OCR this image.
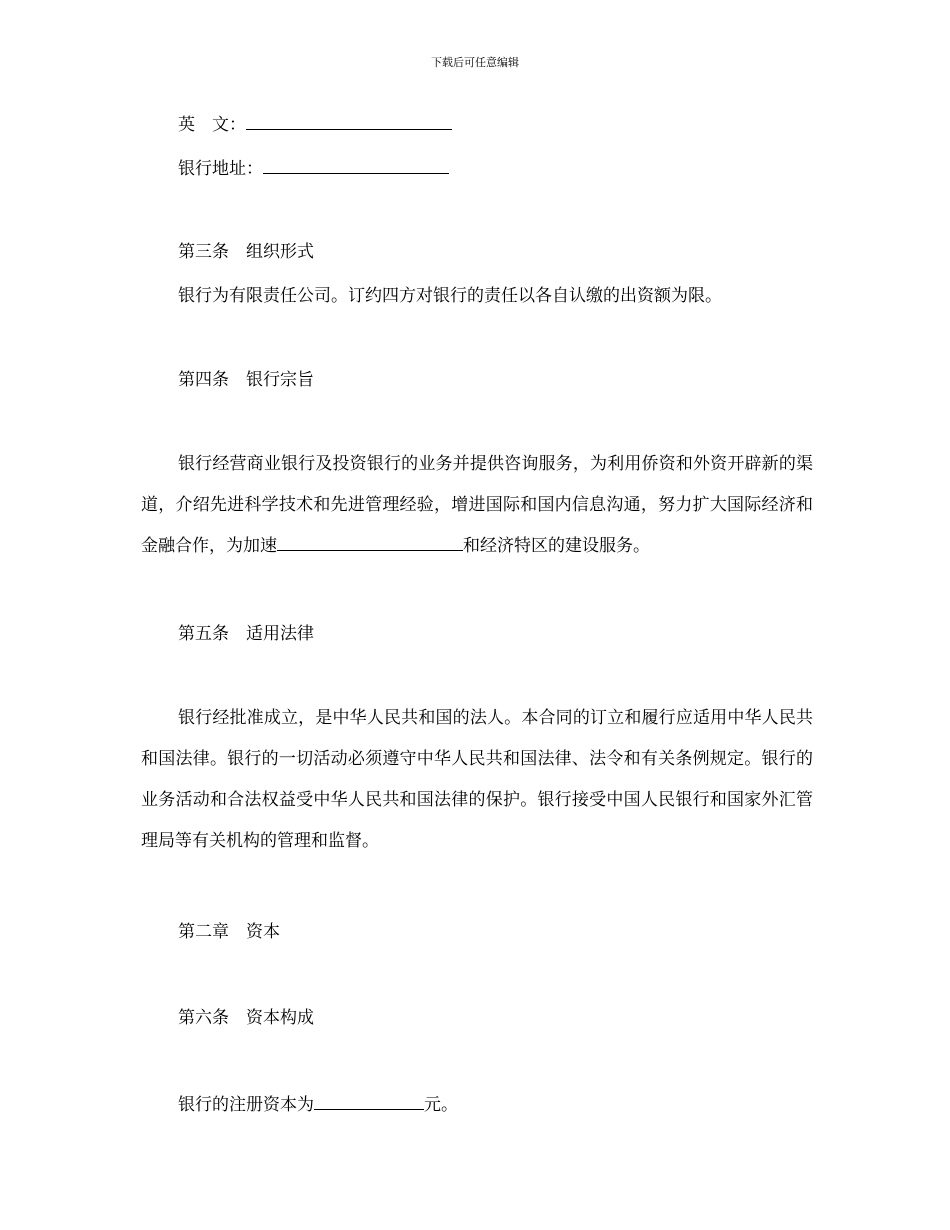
下载后可任意编辑
英　文：
银行地址：
第三条 组织形式
银行为有限责任公司。订约四方对银行的责任以各自认缴的出资额为限。
第四条 银行宗旨
银行经营商业银行及投资银行的业务并提供咨询服务，为利用侨资和外资开辟新的渠道，介绍先进科学技术和先进管理经验，增进国际和国内信息沟通，努力扩大国际经济和金融合作，为加速	和经济特区的建设服务。
第五条 适用法律
银行经批准成立，是中华人民共和国的法人。本合同的订立和履行应适用中华人民共和国法律。银行的一切活动必须遵守中华人民共和国法律、法令和有关条例规定。银行的业务活动和合法权益受中华人民共和国法律的保护。银行接受中国人民银行和国家外汇管理局等有关机构的管理和监督。
第二章 资本
第六条 资本构成
银行的注册资本为	元。
